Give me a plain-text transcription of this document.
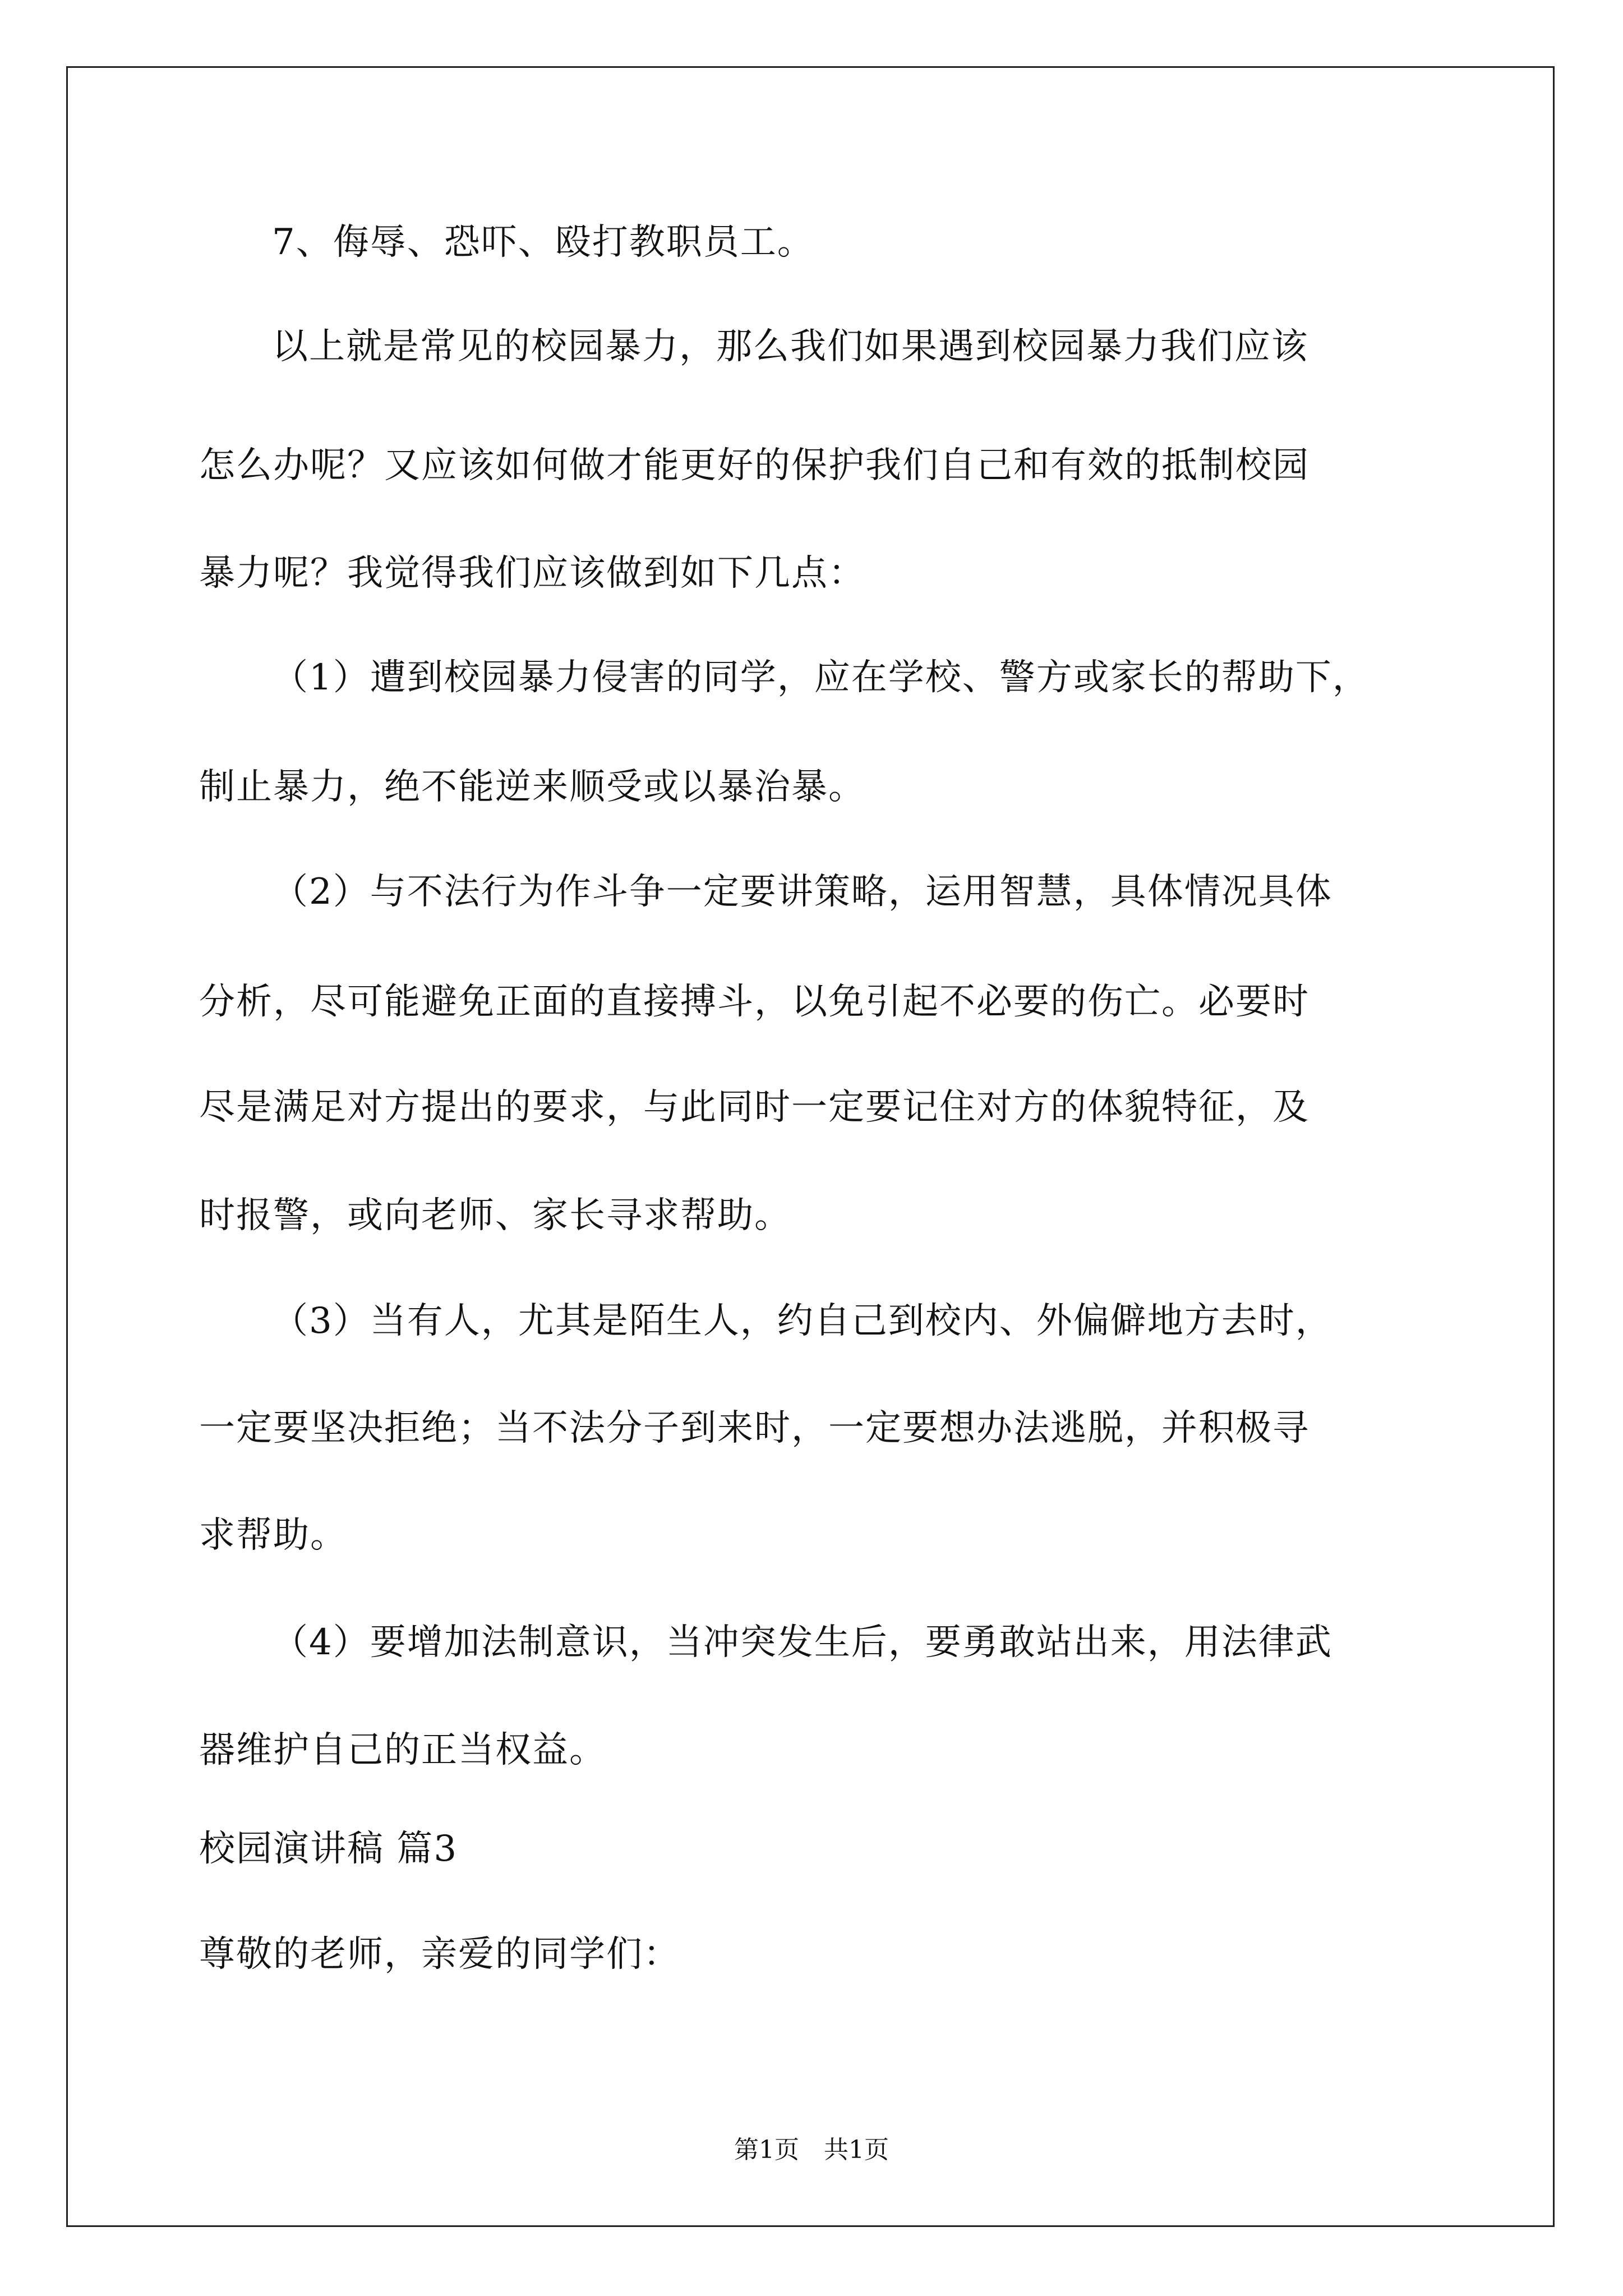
7、侮辱、恐吓、殴打教职员工。
以上就是常见的校园暴力，那么我们如果遇到校园暴力我们应该
怎么办呢？又应该如何做才能更好的保护我们自己和有效的抵制校园
暴力呢？我觉得我们应该做到如下几点：
（1）遭到校园暴力侵害的同学，应在学校、警方或家长的帮助下，
制止暴力，绝不能逆来顺受或以暴治暴。
（2）与不法行为作斗争一定要讲策略，运用智慧，具体情况具体
分析，尽可能避免正面的直接搏斗，以免引起不必要的伤亡。必要时
尽是满足对方提出的要求，与此同时一定要记住对方的体貌特征，及
时报警，或向老师、家长寻求帮助。
（3）当有人，尤其是陌生人，约自己到校内、外偏僻地方去时，
一定要坚决拒绝；当不法分子到来时，一定要想办法逃脱，并积极寻
求帮助。
（4）要增加法制意识，当冲突发生后，要勇敢站出来，用法律武
器维护自己的正当权益。
校园演讲稿 篇3
尊敬的老师，亲爱的同学们：
第1页　共1页
